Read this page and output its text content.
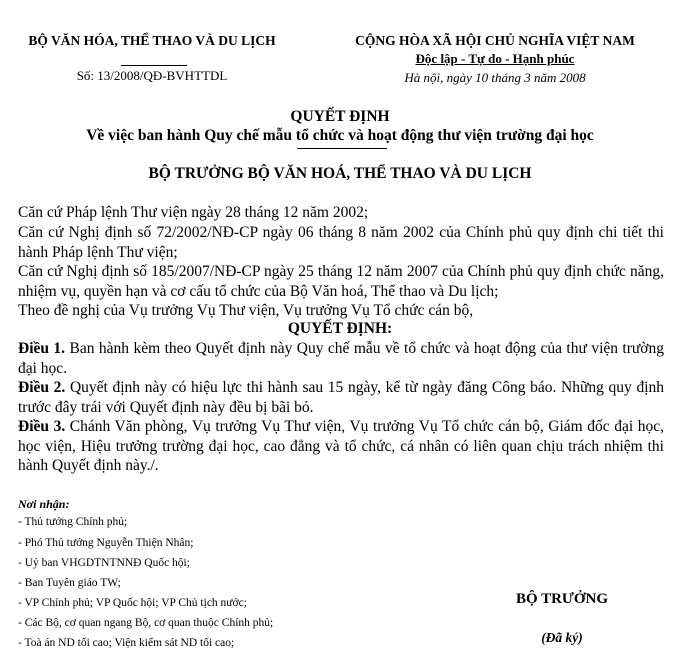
BỘ VĂN HÓA, THỂ THAO VÀ DU LỊCH
Số: 13/2008/QĐ-BVHTTDL
CỘNG HÒA XÃ HỘI CHỦ NGHĨA VIỆT NAM
Độc lập - Tự do - Hạnh phúc
Hà nội, ngày 10 tháng 3 năm 2008
QUYẾT ĐỊNH
Về việc ban hành Quy chế mẫu tổ chức và hoạt động thư viện trường đại học
BỘ TRƯỞNG BỘ VĂN HOÁ, THỂ THAO VÀ DU LỊCH
Căn cứ Pháp lệnh Thư viện ngày 28 tháng 12 năm 2002;
Căn cứ Nghị định số 72/2002/NĐ-CP ngày 06 tháng 8 năm 2002 của Chính phủ quy định chi tiết thi hành Pháp lệnh Thư viện;
Căn cứ Nghị định số 185/2007/NĐ-CP ngày 25 tháng 12 năm 2007 của Chính phủ quy định chức năng, nhiệm vụ, quyền hạn và cơ cấu tổ chức của Bộ Văn hoá, Thể thao và Du lịch;
Theo đề nghị của Vụ trưởng Vụ Thư viện, Vụ trưởng Vụ Tổ chức cán bộ,
QUYẾT ĐỊNH:
Điều 1. Ban hành kèm theo Quyết định này Quy chế mẫu về tổ chức và hoạt động của thư viện trường đại học.
Điều 2. Quyết định này có hiệu lực thi hành sau 15 ngày, kể từ ngày đăng Công báo. Những quy định trước đây trái với Quyết định này đều bị bãi bỏ.
Điều 3. Chánh Văn phòng, Vụ trưởng Vụ Thư viện, Vụ trưởng Vụ Tổ chức cán bộ, Giám đốc đại học, học viện, Hiệu trưởng trường đại học, cao đẳng và tổ chức, cá nhân có liên quan chịu trách nhiệm thi hành Quyết định này./.
Nơi nhận:
- Thủ tướng Chính phủ;
- Phó Thủ tướng Nguyễn Thiện Nhân;
- Uỷ ban VHGDTNTNNĐ Quốc hội;
- Ban Tuyên giáo TW;
- VP Chính phủ; VP Quốc hội; VP Chủ tịch nước;
- Các Bộ, cơ quan ngang Bộ, cơ quan thuộc Chính phủ;
- Toà án ND tối cao; Viện kiểm sát ND tối cao;
BỘ TRƯỞNG
(Đã ký)
